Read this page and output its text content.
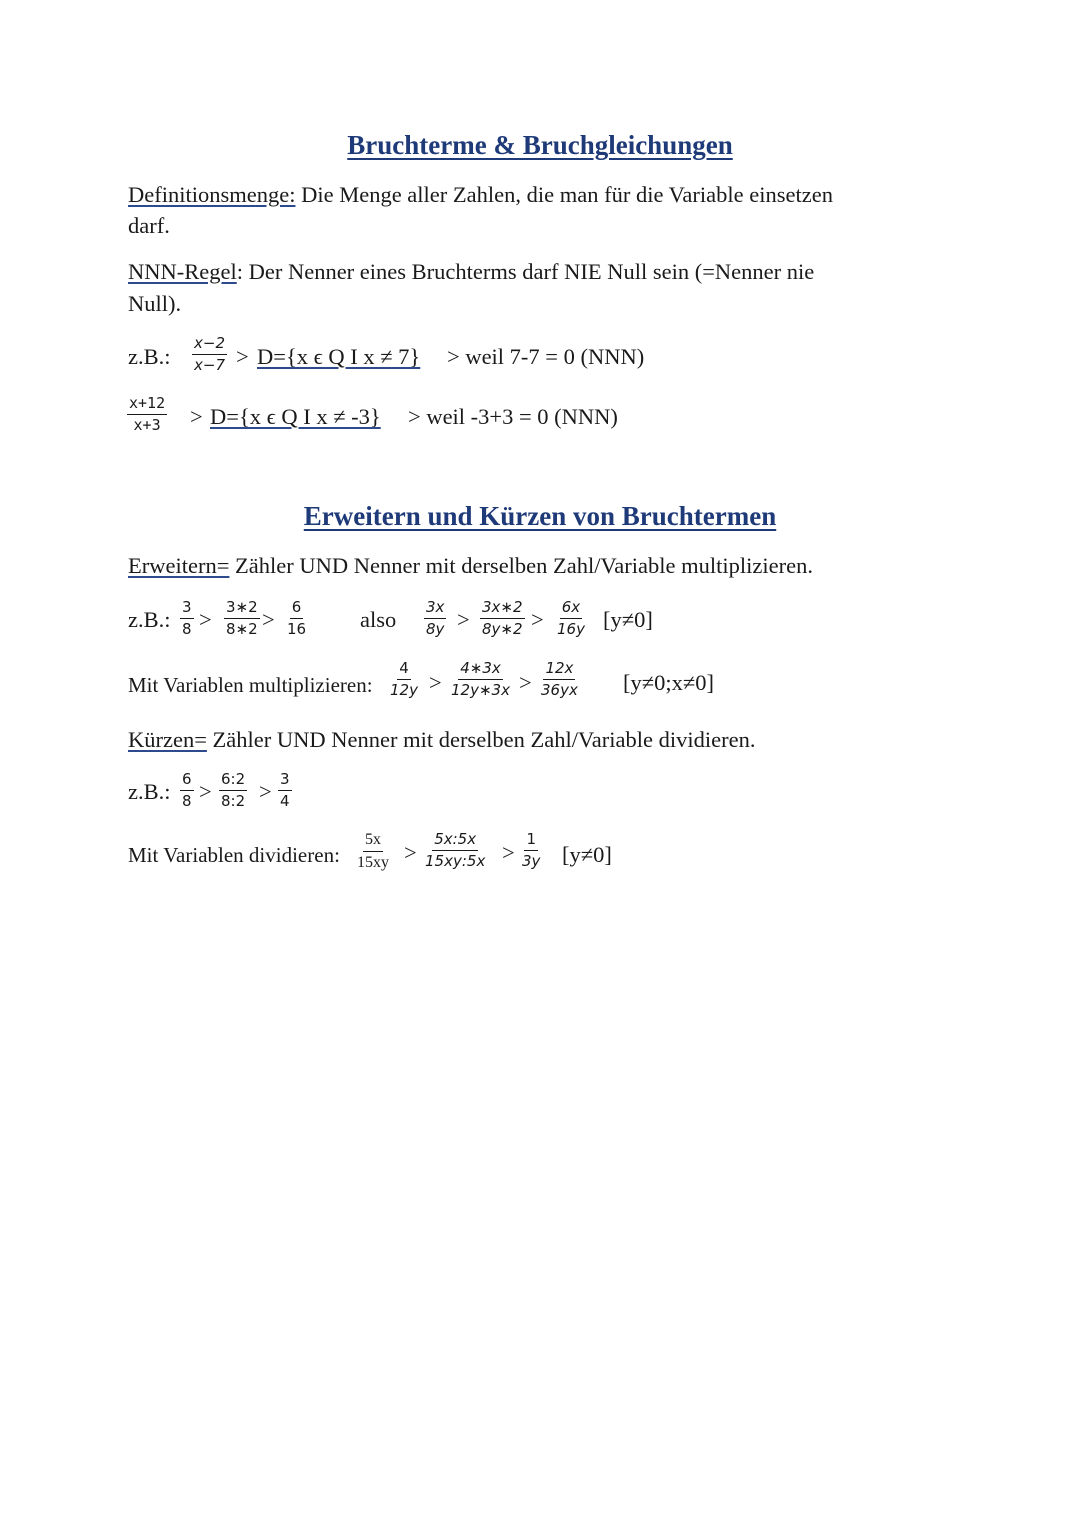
Bruchterme & Bruchgleichungen
Definitionsmenge: Die Menge aller Zahlen, die man für die Variable einsetzen
darf.
NNN-Regel: Der Nenner eines Bruchterms darf NIE Null sein (=Nenner nie
Null).
z.B.: $\frac{x-2}{x-7} > D=\{x$ ϵ Q I x ≠ 7} > weil 7-7 = 0 (NNN)
$\frac{x+12}{x+3} > D=\{x$ ϵ Q I x ≠ -3} > weil -3+3 = 0 (NNN)
Erweitern und Kürzen von Bruchtermen
Erweitern= Zähler UND Nenner mit derselben Zahl/Variable multiplizieren.
z.B.: $\frac{3}{8} > \frac{3∗2}{8∗2} > \frac{6}{16}$ also $\frac{3x}{8y} > \frac{3x∗2}{8y∗2} > \frac{6x}{16y} [y\ne 0]$
Mit Variablen multiplizieren: $\frac{4}{12y} > \frac{4∗3x}{12y∗3x} > \frac{12x}{36yx}$ [y≠0;x≠0]
Kürzen= Zähler UND Nenner mit derselben Zahl/Variable dividieren.
z.B.: $\frac{6}{8} > \frac{6:2}{8:2} > \frac{3}{4}$
Mit Variablen dividieren: $\frac{5x}{15xy} > \frac{5x:5x}{15xy:5x} > \frac{1}{3y} [y\ne 0]$
